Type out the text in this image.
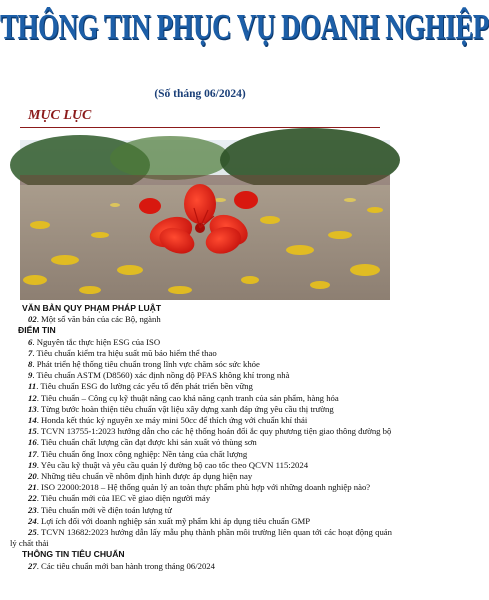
THÔNG TIN PHỤC VỤ DOANH NGHIỆP
(Số tháng 06/2024)
MỤC LỤC
VĂN BẢN QUY PHẠM PHÁP LUẬT
02. Một số văn bản của các Bộ, ngành
ĐIỂM TIN
6. Nguyên tắc thực hiện ESG của ISO
7. Tiêu chuẩn kiểm tra hiệu suất mũ bảo hiểm thể thao
8. Phát triển hệ thống tiêu chuẩn trong lĩnh vực chăm sóc sức khỏe
9. Tiêu chuẩn ASTM (D8560) xác định nồng độ PFAS không khí trong nhà
11. Tiêu chuẩn ESG đo lường các yếu tố đến phát triển bền vững
12. Tiêu chuẩn – Công cụ kỹ thuật nâng cao khả năng cạnh tranh của sản phẩm, hàng hóa
13. Từng bước hoàn thiện tiêu chuẩn vật liệu xây dựng xanh đáp ứng yêu cầu thị trường
14. Honda kết thúc kỷ nguyên xe máy mini 50cc để thích ứng với chuẩn khí thải
15. TCVN 13755-1:2023 hướng dẫn cho các hệ thống hoán đổi ắc quy phương tiện giao thông đường bộ
16. Tiêu chuẩn chất lượng cần đạt được khi sản xuất vỏ thùng sơn
17. Tiêu chuẩn ống Inox công nghiệp: Nền tảng của chất lượng
19. Yêu cầu kỹ thuật và yêu cầu quản lý đường bộ cao tốc theo QCVN 115:2024
20. Những tiêu chuẩn về nhôm định hình được áp dụng hiện nay
21. ISO 22000:2018 – Hệ thống quản lý an toàn thực phẩm phù hợp với những doanh nghiệp nào?
22. Tiêu chuẩn mới của IEC về giao diện người máy
23. Tiêu chuẩn mới về điện toán lượng tử
24. Lợi ích đối với doanh nghiệp sản xuất mỹ phẩm khi áp dụng tiêu chuẩn GMP
25. TCVN 13682:2023 hướng dẫn lấy mẫu phụ thành phần môi trường liên quan tới các hoạt động quản lý chất thải
THÔNG TIN TIÊU CHUẨN
27. Các tiêu chuẩn mới ban hành trong tháng 06/2024
